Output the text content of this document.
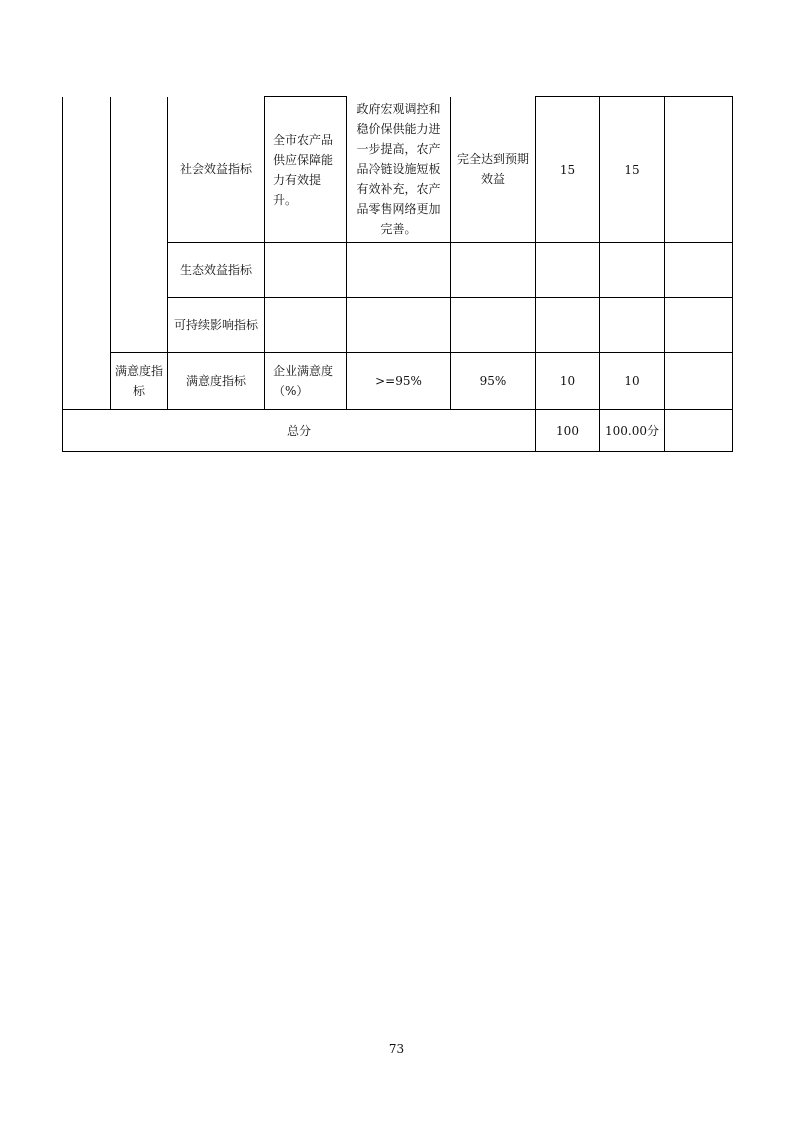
		社会效益指标	全市农产品供应保障能力有效提升。	政府宏观调控和稳价保供能力进一步提高，农产品冷链设施短板有效补充，农产品零售网络更加完善。	完全达到预期效益	15	15	
		生态效益指标						
		可持续影响指标						
	满意度指标	满意度指标	企业满意度（%）	>=95%	95%	10	10	
总分						100	100.00分	
73
